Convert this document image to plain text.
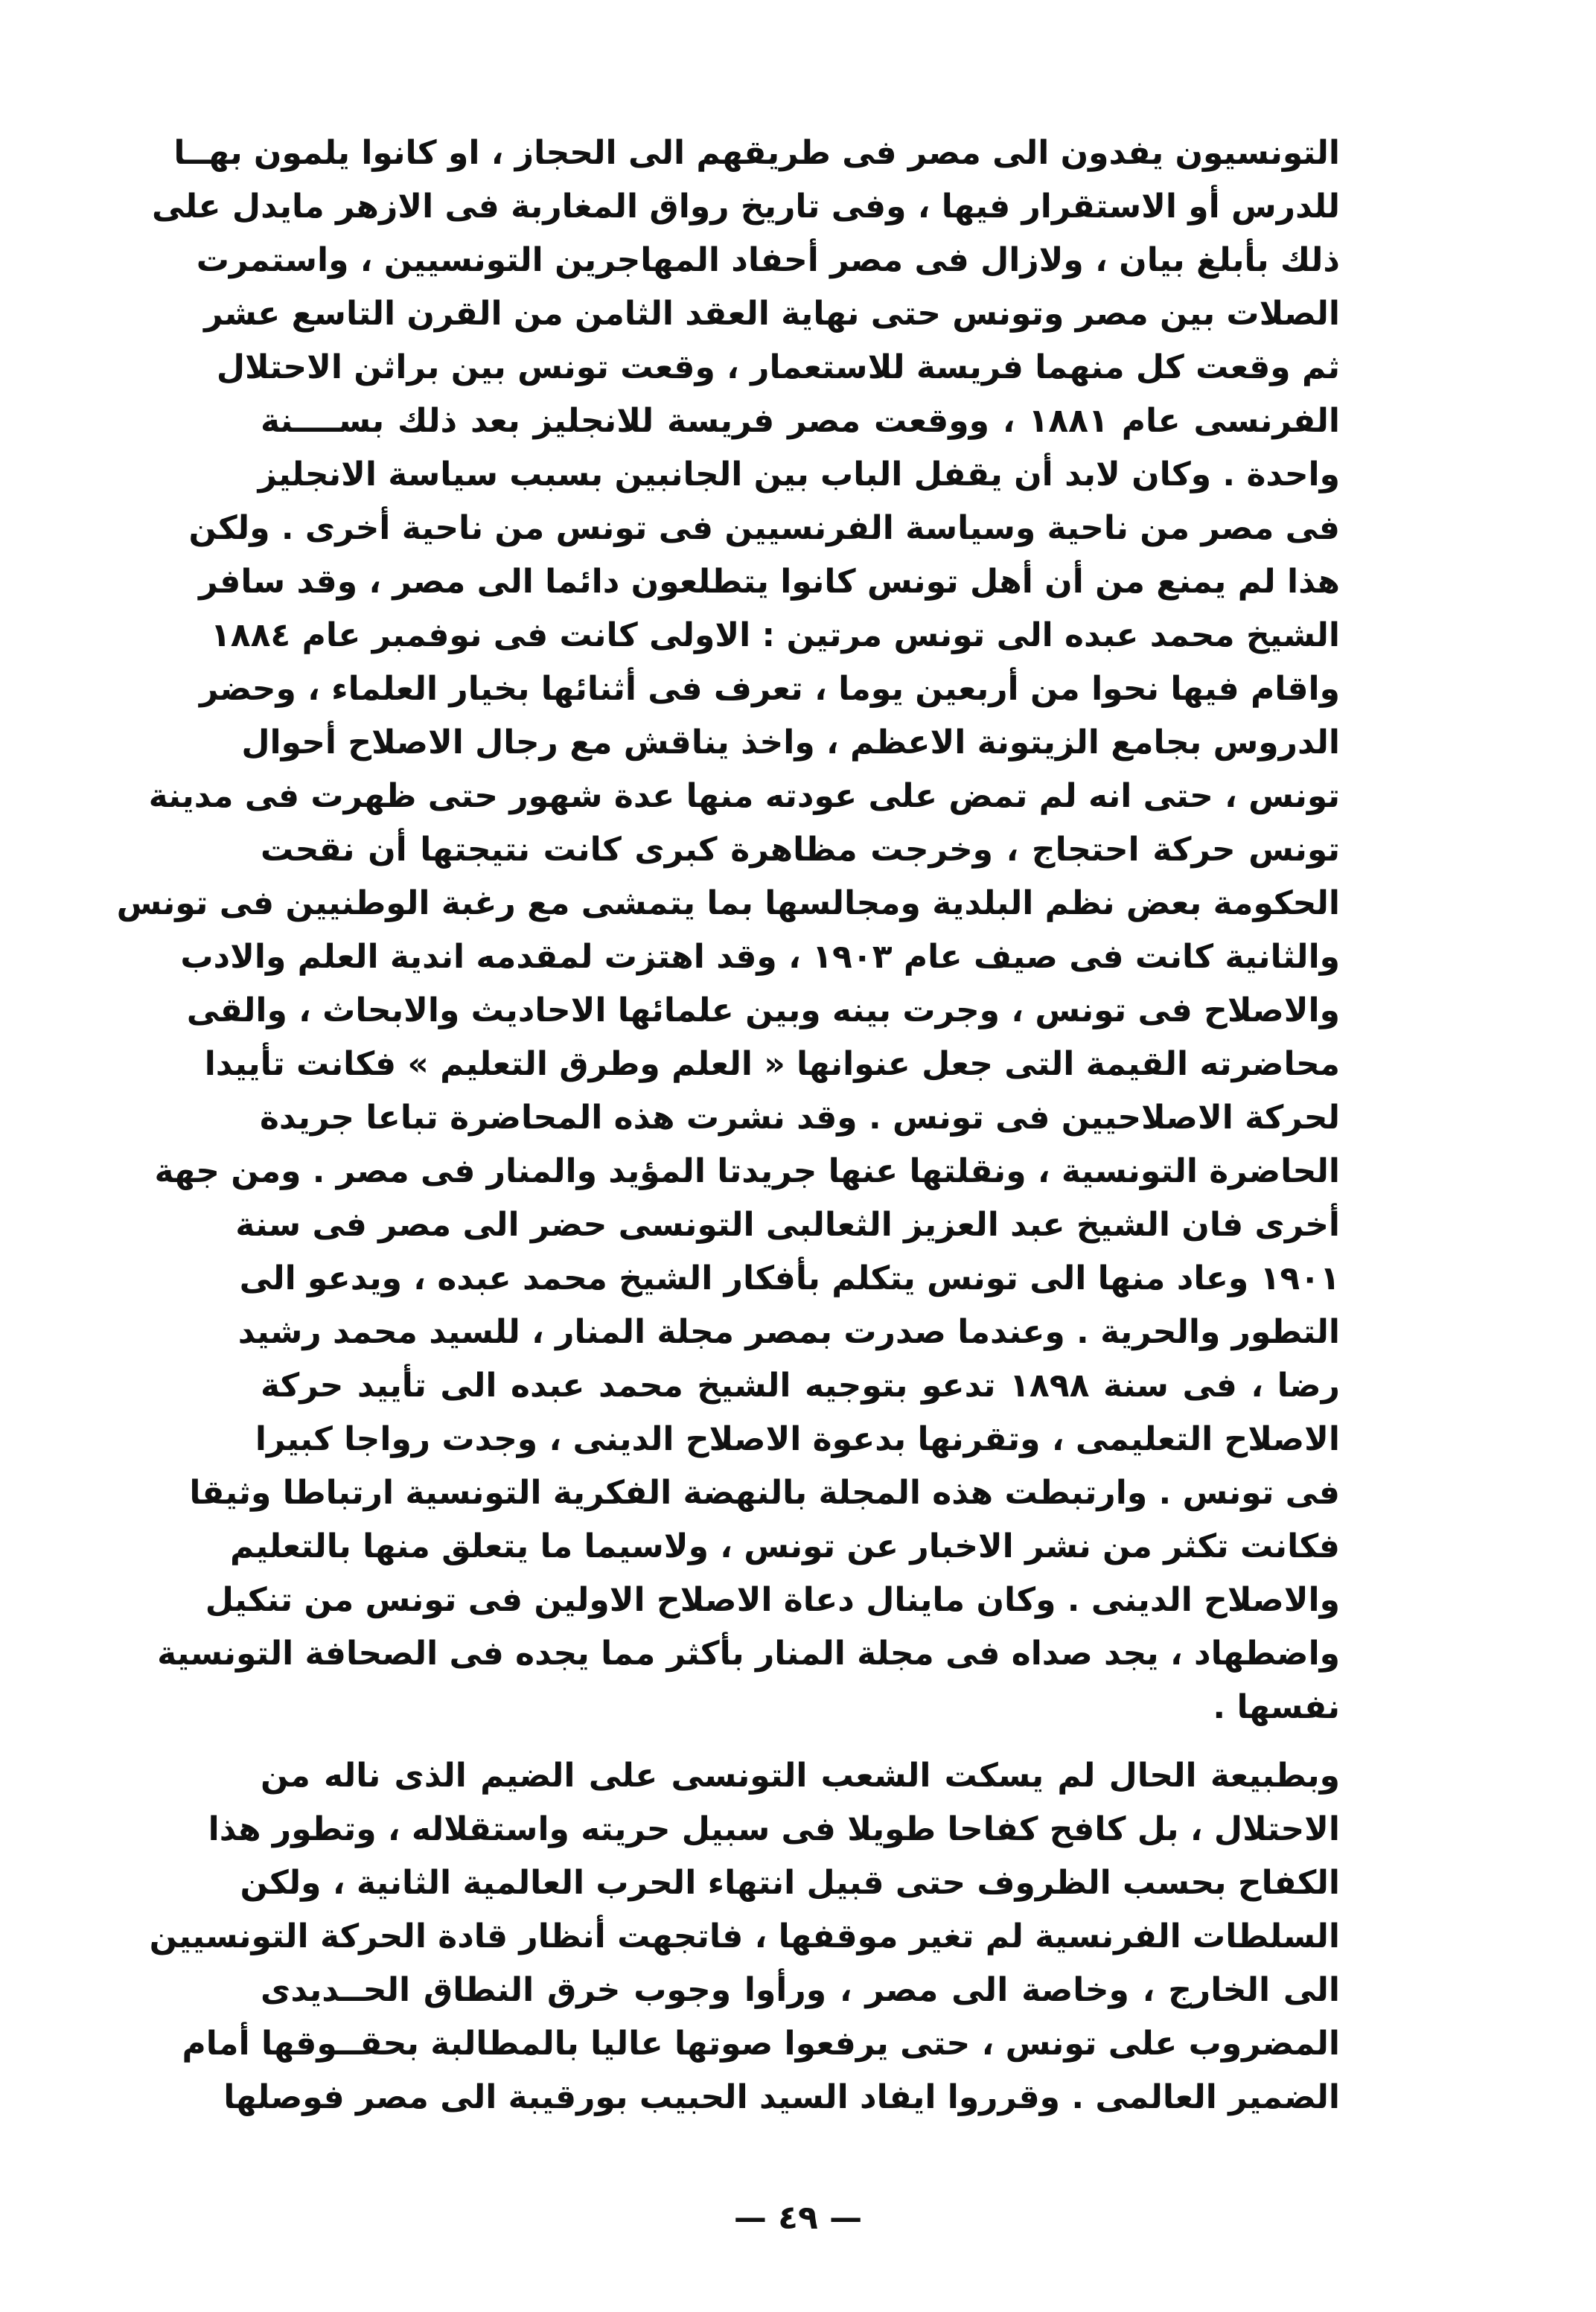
التونسيون يفدون الى مصر فى طريقهم الى الحجاز ، او كانوا يلمون بهــا
للدرس أو الاستقرار فيها ، وفى تاريخ رواق المغاربة فى الازهر مايدل على
ذلك بأبلغ بيان ، ولازال فى مصر أحفاد المهاجرين التونسيين ، واستمرت
الصلات بين مصر وتونس حتى نهاية العقد الثامن من القرن التاسع عشر
ثم وقعت كل منهما فريسة للاستعمار ، وقعت تونس بين براثن الاحتلال
الفرنسى عام ١٨٨١ ، ووقعت مصر فريسة للانجليز بعد ذلك بســــنة
واحدة . وكان لابد أن يقفل الباب بين الجانبين بسبب سياسة الانجليز
فى مصر من ناحية وسياسة الفرنسيين فى تونس من ناحية أخرى . ولكن
هذا لم يمنع من أن أهل تونس كانوا يتطلعون دائما الى مصر ، وقد سافر
الشيخ محمد عبده الى تونس مرتين : الاولى كانت فى نوفمبر عام ١٨٨٤
واقام فيها نحوا من أربعين يوما ، تعرف فى أثنائها بخيار العلماء ، وحضر
الدروس بجامع الزيتونة الاعظم ، واخذ يناقش مع رجال الاصلاح أحوال
تونس ، حتى انه لم تمض على عودته منها عدة شهور حتى ظهرت فى مدينة
تونس حركة احتجاج ، وخرجت مظاهرة كبرى كانت نتيجتها أن نقحت
الحكومة بعض نظم البلدية ومجالسها بما يتمشى مع رغبة الوطنيين فى تونس
والثانية كانت فى صيف عام ١٩٠٣ ، وقد اهتزت لمقدمه اندية العلم والادب
والاصلاح فى تونس ، وجرت بينه وبين علمائها الاحاديث والابحاث ، والقى
محاضرته القيمة التى جعل عنوانها « العلم وطرق التعليم » فكانت تأييدا
لحركة الاصلاحيين فى تونس . وقد نشرت هذه المحاضرة تباعا جريدة
الحاضرة التونسية ، ونقلتها عنها جريدتا المؤيد والمنار فى مصر . ومن جهة
أخرى فان الشيخ عبد العزيز الثعالبى التونسى حضر الى مصر فى سنة
١٩٠١ وعاد منها الى تونس يتكلم بأفكار الشيخ محمد عبده ، ويدعو الى
التطور والحرية . وعندما صدرت بمصر مجلة المنار ، للسيد محمد رشيد
رضا ، فى سنة ١٨٩٨ تدعو بتوجيه الشيخ محمد عبده الى تأييد حركة
الاصلاح التعليمى ، وتقرنها بدعوة الاصلاح الدينى ، وجدت رواجا كبيرا
فى تونس . وارتبطت هذه المجلة بالنهضة الفكرية التونسية ارتباطا وثيقا
فكانت تكثر من نشر الاخبار عن تونس ، ولاسيما ما يتعلق منها بالتعليم
والاصلاح الدينى . وكان ماينال دعاة الاصلاح الاولين فى تونس من تنكيل
واضطهاد ، يجد صداه فى مجلة المنار بأكثر مما يجده فى الصحافة التونسية
نفسها .
وبطبيعة الحال لم يسكت الشعب التونسى على الضيم الذى ناله من
الاحتلال ، بل كافح كفاحا طويلا فى سبيل حريته واستقلاله ، وتطور هذا
الكفاح بحسب الظروف حتى قبيل انتهاء الحرب العالمية الثانية ، ولكن
السلطات الفرنسية لم تغير موقفها ، فاتجهت أنظار قادة الحركة التونسيين
الى الخارج ، وخاصة الى مصر ، ورأوا وجوب خرق النطاق الحــديدى
المضروب على تونس ، حتى يرفعوا صوتها عاليا بالمطالبة بحقــوقها أمام
الضمير العالمى . وقرروا ايفاد السيد الحبيب بورقيبة الى مصر فوصلها
— ٤٩ —
